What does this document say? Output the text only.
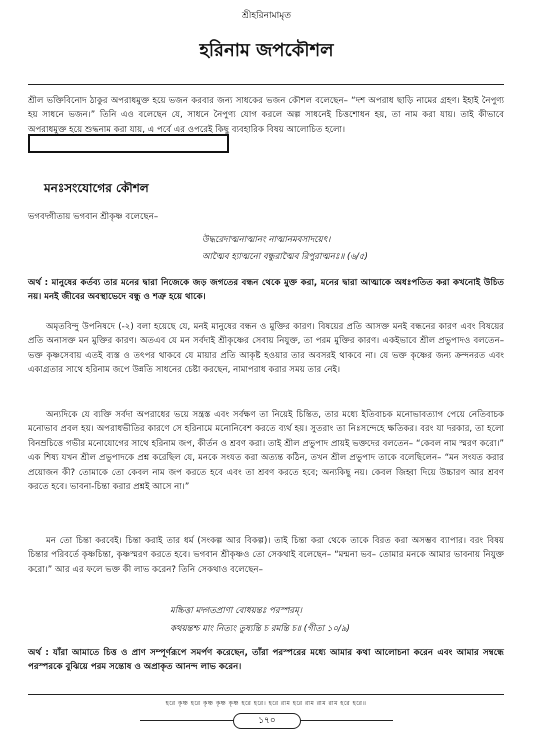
শ্রীহরিনামামৃত
হরিনাম জপকৌশল
শ্রীল ভক্তিবিনোদ ঠাকুর অপরাধমুক্ত হয়ে ভজন করবার জন্য সাধকের ভজন কৌশল বলেছেন– “দশ অপরাধ ছাড়ি নামের গ্রহণ। ইহাই নৈপুণ্য হয় সাধনে ভজন।” তিনি এও বলেছেন যে, সাধনে নৈপুণ্য যোগ করলে অল্প সাধনেই চিত্তশোধন হয়, তা নাম করা যায়। তাই কীভাবে অপরাধমুক্ত হয়ে শুদ্ধনাম করা যায়, এ পর্বে এর ওপরেই কিছু ব্যবহারিক বিষয় আলোচিত হলো।
মনঃসংযোগের কৌশল
ভগবদ্গীতায় ভগবান শ্রীকৃষ্ণ বলেছেন–
উদ্ধরেদাত্মনাত্মানং নাত্মানমবসাদয়েৎ।
আত্মৈব হ্যাত্মনো বন্ধুরাত্মৈব রিপুরাত্মনঃ॥ (৬/৫)
অর্থ : মানুষের কর্তব্য তার মনের দ্বারা নিজেকে জড় জগতের বন্ধন থেকে মুক্ত করা, মনের দ্বারা আত্মাকে অধঃপতিত করা কখনোই উচিত নয়। মনই জীবের অবস্থাভেদে বন্ধু ও শত্রু হয়ে থাকে।
অমৃতবিন্দু উপনিষদে (-২) বলা হয়েছে যে, মনই মানুষের বন্ধন ও মুক্তির কারণ। বিষয়ের প্রতি আসক্ত মনই বন্ধনের কারণ এবং বিষয়ের প্রতি অনাসক্ত মন মুক্তির কারণ। অতএব যে মন সর্বদাই শ্রীকৃষ্ণের সেবায় নিযুক্ত, তা পরম মুক্তির কারণ। একইভাবে শ্রীল প্রভুপাদও বলতেন– ভক্ত কৃষ্ণসেবায় এতই ব্যস্ত ও তৎপর থাকবে যে মায়ার প্রতি আকৃষ্ট হওয়ার তার অবসরই থাকবে না। যে ভক্ত কৃষ্ণের জন্য ক্রন্দনরত এবং একাগ্রতার সাথে হরিনাম জপে উন্নতি সাধনের চেষ্টা করছেন, নামাপরাধ করার সময় তার নেই।
অন্যদিকে যে ব্যক্তি সর্বদা অপরাধের ভয়ে সন্ত্রস্ত এবং সর্বক্ষণ তা নিয়েই চিন্তিত, তার মধ্যে ইতিবাচক মনোভাবত্যাগ পেয়ে নেতিবাচক মনোভাব প্রবল হয়। অপরাধভীতির কারণে সে হরিনামে মনোনিবেশ করতে ব্যর্থ হয়। সুতরাং তা নিঃসন্দেহে ক্ষতিকর। বরং যা দরকার, তা হলো বিনম্রচিত্তে গভীর মনোযোগের সাথে হরিনাম জপ, কীর্তন ও শ্রবণ করা। তাই শ্রীল প্রভুপাদ প্রায়ই ভক্তদের বলতেন– “কেবল নাম স্মরণ করো।” এক শিষ্য যখন শ্রীল প্রভুপাদকে প্রশ্ন করেছিল যে, মনকে সংযত করা অত্যন্ত কঠিন, তখন শ্রীল প্রভুপাদ তাকে বলেছিলেন– “মন সংযত করার প্রয়োজন কী? তোমাকে তো কেবল নাম জপ করতে হবে এবং তা শ্রবণ করতে হবে; অন্যকিছু নয়। কেবল জিহ্বা দিয়ে উচ্চারণ আর শ্রবণ করতে হবে। ভাবনা-চিন্তা করার প্রশ্নই আসে না।”
মন তো চিন্তা করবেই। চিন্তা করাই তার ধর্ম (সংকল্প আর বিকল্প)। তাই চিন্তা করা থেকে তাকে বিরত করা অসম্ভব ব্যাপার। বরং বিষয় চিন্তার পরিবর্তে কৃষ্ণচিন্তা, কৃষ্ণস্মরণ করতে হবে। ভগবান শ্রীকৃষ্ণও তো সেকথাই বলেছেন– “মন্মনা ভব– তোমার মনকে আমার ভাবনায় নিযুক্ত করো।” আর এর ফলে ভক্ত কী লাভ করেন? তিনি সেকথাও বলেছেন–
মচ্চিত্তা মদ্গতপ্রাণা বোধয়ন্তঃ পরস্পরম্।
কথয়ন্তশ্চ মাং নিত্যং তুষ্যন্তি চ রমন্তি চ॥ (গীতা ১০/৯)
অর্থ : যাঁরা আমাতে চিত্ত ও প্রাণ সম্পূর্ণরূপে সমর্পণ করেছেন, তাঁরা পরস্পরের মধ্যে আমার কথা আলোচনা করেন এবং আমার সম্বন্ধে পরস্পরকে বুঝিয়ে পরম সন্তোষ ও অপ্রাকৃত আনন্দ লাভ করেন।
হরে কৃষ্ণ হরে কৃষ্ণ কৃষ্ণ কৃষ্ণ হরে হরে। হরে রাম হরে রাম রাম রাম হরে হরে॥
১৭০
